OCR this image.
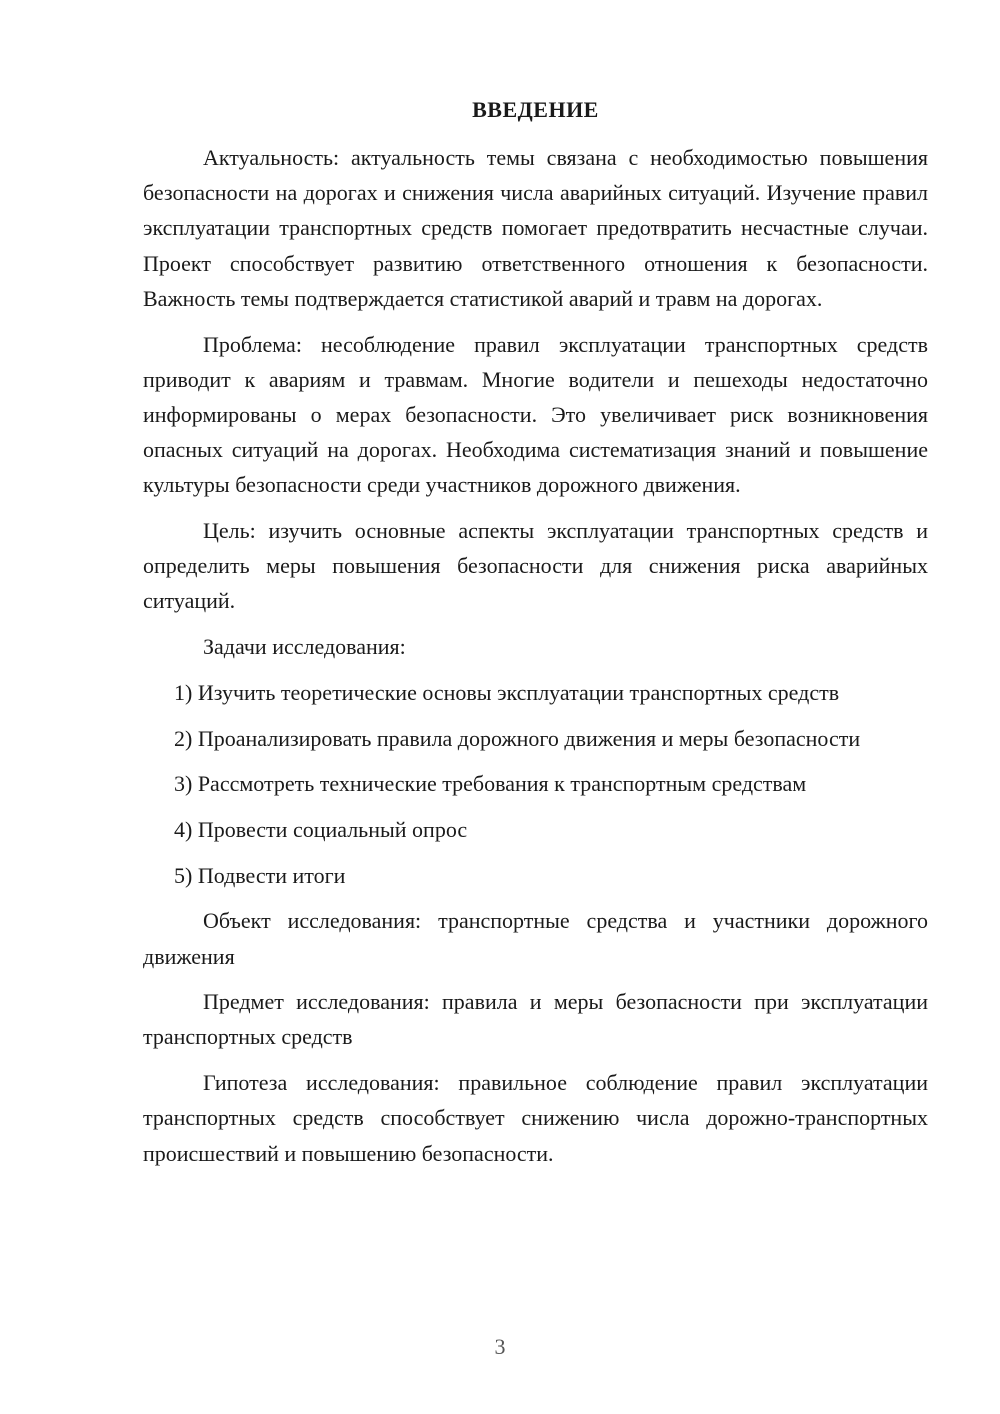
ВВЕДЕНИЕ

Актуальность: актуальность темы связана с необходимостью повышения безопасности на дорогах и снижения числа аварийных ситуаций. Изучение правил эксплуатации транспортных средств помогает предотвратить несчастные случаи. Проект способствует развитию ответственного отношения к безопасности. Важность темы подтверждается статистикой аварий и травм на дорогах.

Проблема: несоблюдение правил эксплуатации транспортных средств приводит к авариям и травмам. Многие водители и пешеходы недостаточно информированы о мерах безопасности. Это увеличивает риск возникновения опасных ситуаций на дорогах. Необходима систематизация знаний и повышение культуры безопасности среди участников дорожного движения.

Цель: изучить основные аспекты эксплуатации транспортных средств и определить меры повышения безопасности для снижения риска аварийных ситуаций.

Задачи исследования:

1) Изучить теоретические основы эксплуатации транспортных средств

2) Проанализировать правила дорожного движения и меры безопасности

3) Рассмотреть технические требования к транспортным средствам

4) Провести социальный опрос

5) Подвести итоги

Объект исследования: транспортные средства и участники дорожного движения

Предмет исследования: правила и меры безопасности при эксплуатации транспортных средств

Гипотеза исследования: правильное соблюдение правил эксплуатации транспортных средств способствует снижению числа дорожно-транспортных происшествий и повышению безопасности.

3
